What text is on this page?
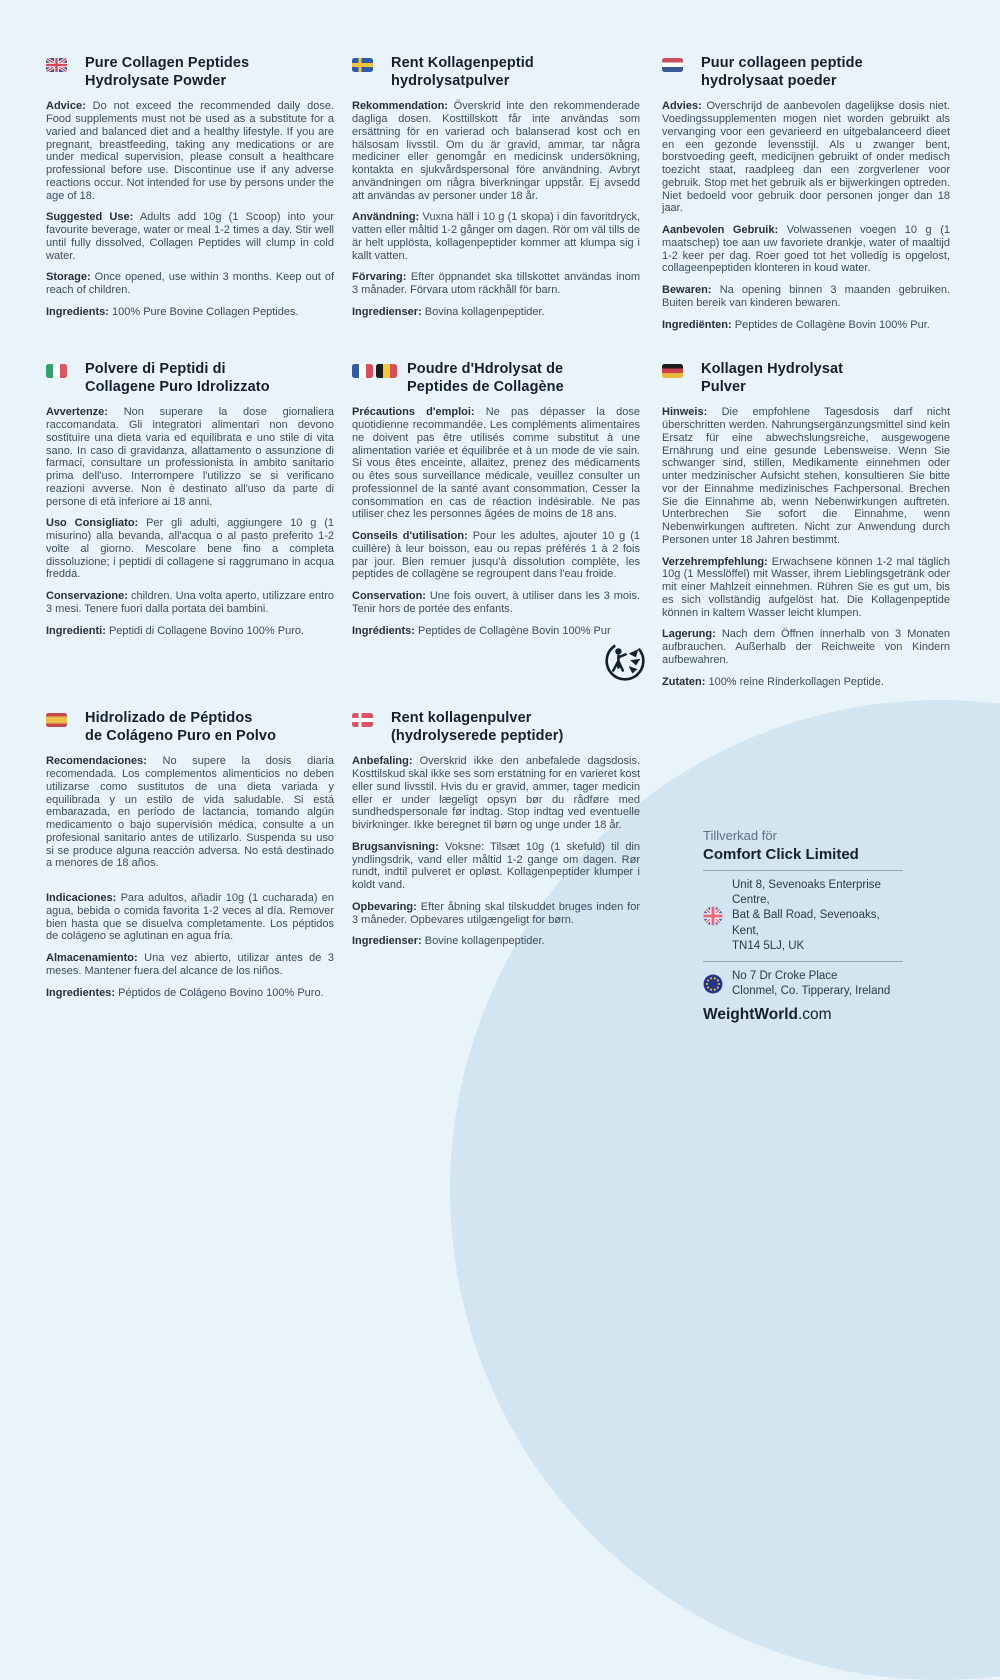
Pure Collagen Peptides
Hydrolysate Powder

Advice: Do not exceed the recommended daily dose. Food supplements must not be used as a substitute for a varied and balanced diet and a healthy lifestyle. If you are pregnant, breastfeeding, taking any medications or are under medical supervision, please consult a healthcare professional before use. Discontinue use if any adverse reactions occur. Not intended for use by persons under the age of 18.

Suggested Use: Adults add 10g (1 Scoop) into your favourite beverage, water or meal 1-2 times a day. Stir well until fully dissolved, Collagen Peptides will clump in cold water.

Storage: Once opened, use within 3 months. Keep out of reach of children.

Ingredients: 100% Pure Bovine Collagen Peptides.

Rent Kollagenpeptid
hydrolysatpulver

Rekommendation: Överskrid inte den rekommenderade dagliga dosen. Kosttillskott får inte användas som ersättning för en varierad och balanserad kost och en hälsosam livsstil. Om du är gravid, ammar, tar några mediciner eller genomgår en medicinsk undersökning, kontakta en sjukvårdspersonal före användning. Avbryt användningen om några biverkningar uppstår. Ej avsedd att användas av personer under 18 år.

Användning: Vuxna häll i 10 g (1 skopa) i din favoritdryck, vatten eller måltid 1-2 gånger om dagen. Rör om väl tills de är helt upplösta, kollagenpeptider kommer att klumpa sig i kallt vatten.

Förvaring: Efter öppnandet ska tillskottet användas inom 3 månader. Förvara utom räckhåll för barn.

Ingredienser: Bovina kollagenpeptider.

Puur collageen peptide
hydrolysaat poeder

Advies: Overschrijd de aanbevolen dagelijkse dosis niet. Voedingssupplementen mogen niet worden gebruikt als vervanging voor een gevarieerd en uitgebalanceerd dieet en een gezonde levensstijl. Als u zwanger bent, borstvoeding geeft, medicijnen gebruikt of onder medisch toezicht staat, raadpleeg dan een zorgverlener voor gebruik. Stop met het gebruik als er bijwerkingen optreden. Niet bedoeld voor gebruik door personen jonger dan 18 jaar.

Aanbevolen Gebruik: Volwassenen voegen 10 g (1 maatschep) toe aan uw favoriete drankje, water of maaltijd 1-2 keer per dag. Roer goed tot het volledig is opgelost, collageenpeptiden klonteren in koud water.

Bewaren: Na opening binnen 3 maanden gebruiken. Buiten bereik van kinderen bewaren.

Ingrediënten: Peptides de Collagène Bovin 100% Pur.

Polvere di Peptidi di
Collagene Puro Idrolizzato

Avvertenze: Non superare la dose giornaliera raccomandata. Gli integratori alimentari non devono sostituire una dieta varia ed equilibrata e uno stile di vita sano. In caso di gravidanza, allattamento o assunzione di farmaci, consultare un professionista in ambito sanitario prima dell'uso. Interrompere l'utilizzo se si verificano reazioni avverse. Non è destinato all'uso da parte di persone di età inferiore ai 18 anni.

Uso Consigliato: Per gli adulti, aggiungere 10 g (1 misurino) alla bevanda, all'acqua o al pasto preferito 1-2 volte al giorno. Mescolare bene fino a completa dissoluzione; i peptidi di collagene si raggrumano in acqua fredda.

Conservazione: children. Una volta aperto, utilizzare entro 3 mesi. Tenere fuori dalla portata dei bambini.

Ingredienti: Peptidi di Collagene Bovino 100% Puro.

Poudre d'Hdrolysat de
Peptides de Collagène

Précautions d'emploi: Ne pas dépasser la dose quotidienne recommandée. Les compléments alimentaires ne doivent pas être utilisés comme substitut à une alimentation variée et équilibrée et à un mode de vie sain. Si vous êtes enceinte, allaitez, prenez des médicaments ou êtes sous surveillance médicale, veuillez consulter un professionnel de la santé avant consommation. Cesser la consommation en cas de réaction indésirable. Ne pas utiliser chez les personnes âgées de moins de 18 ans.

Conseils d'utilisation: Pour les adultes, ajouter 10 g (1 cuillère) à leur boisson, eau ou repas préférés 1 à 2 fois par jour. Bien remuer jusqu'à dissolution complète, les peptides de collagène se regroupent dans l'eau froide.

Conservation: Une fois ouvert, à utiliser dans les 3 mois. Tenir hors de portée des enfants.

Ingrédients: Peptides de Collagène Bovin 100% Pur

Kollagen Hydrolysat
Pulver

Hinweis: Die empfohlene Tagesdosis darf nicht überschritten werden. Nahrungsergänzungsmittel sind kein Ersatz für eine abwechslungsreiche, ausgewogene Ernährung und eine gesunde Lebensweise. Wenn Sie schwanger sind, stillen, Medikamente einnehmen oder unter medzinischer Aufsicht stehen, konsultieren Sie bitte vor der Einnahme medizinisches Fachpersonal. Brechen Sie die Einnahme ab, wenn Nebenwirkungen auftreten. Unterbrechen Sie sofort die Einnahme, wenn Nebenwirkungen auftreten. Nicht zur Anwendung durch Personen unter 18 Jahren bestimmt.

Verzehrempfehlung: Erwachsene können 1-2 mal täglich 10g (1 Messlöffel) mit Wasser, ihrem Lieblingsgetränk oder mit einer Mahlzeit einnehmen. Rühren Sie es gut um, bis es sich vollständig aufgelöst hat. Die Kollagenpeptide können in kaltem Wasser leicht klumpen.

Lagerung: Nach dem Öffnen innerhalb von 3 Monaten aufbrauchen. Außerhalb der Reichweite von Kindern aufbewahren.

Zutaten: 100% reine Rinderkollagen Peptide.

Hidrolizado de Péptidos
de Colágeno Puro en Polvo

Recomendaciones: No supere la dosis diaria recomendada. Los complementos alimenticios no deben utilizarse como sustitutos de una dieta variada y equilibrada y un estilo de vida saludable. Si está embarazada, en período de lactancia, tomando algún medicamento o bajo supervisión médica, consulte a un profesional sanitario antes de utilizarlo. Suspenda su uso si se produce alguna reacción adversa. No está destinado a menores de 18 años.

Indicaciones: Para adultos, añadir 10g (1 cucharada) en agua, bebida o comida favorita 1-2 veces al día. Remover bien hasta que se disuelva completamente. Los péptidos de colágeno se aglutinan en agua fría.

Almacenamiento: Una vez abierto, utilizar antes de 3 meses. Mantener fuera del alcance de los niños.

Ingredientes: Péptidos de Colágeno Bovino 100% Puro.

Rent kollagenpulver
(hydrolyserede peptider)

Anbefaling: Overskrid ikke den anbefalede dagsdosis. Kosttilskud skal ikke ses som erstatning for en varieret kost eller sund livsstil. Hvis du er gravid, ammer, tager medicin eller er under lægeligt opsyn bør du rådføre med sundhedspersonale før indtag. Stop indtag ved eventuelle bivirkninger. Ikke beregnet til børn og unge under 18 år.

Brugsanvisning: Voksne: Tilsæt 10g (1 skefuld) til din yndlingsdrik, vand eller måltid 1-2 gange om dagen. Rør rundt, indtil pulveret er opløst. Kollagenpeptider klumper i koldt vand.

Opbevaring: Efter åbning skal tilskuddet bruges inden for 3 måneder. Opbevares utilgængeligt for børn.

Ingredienser: Bovine kollagenpeptider.

Tillverkad för
Comfort Click Limited
Unit 8, Sevenoaks Enterprise Centre,
Bat & Ball Road, Sevenoaks, Kent,
TN14 5LJ, UK
No 7 Dr Croke Place
Clonmel, Co. Tipperary, Ireland
WeightWorld.com
